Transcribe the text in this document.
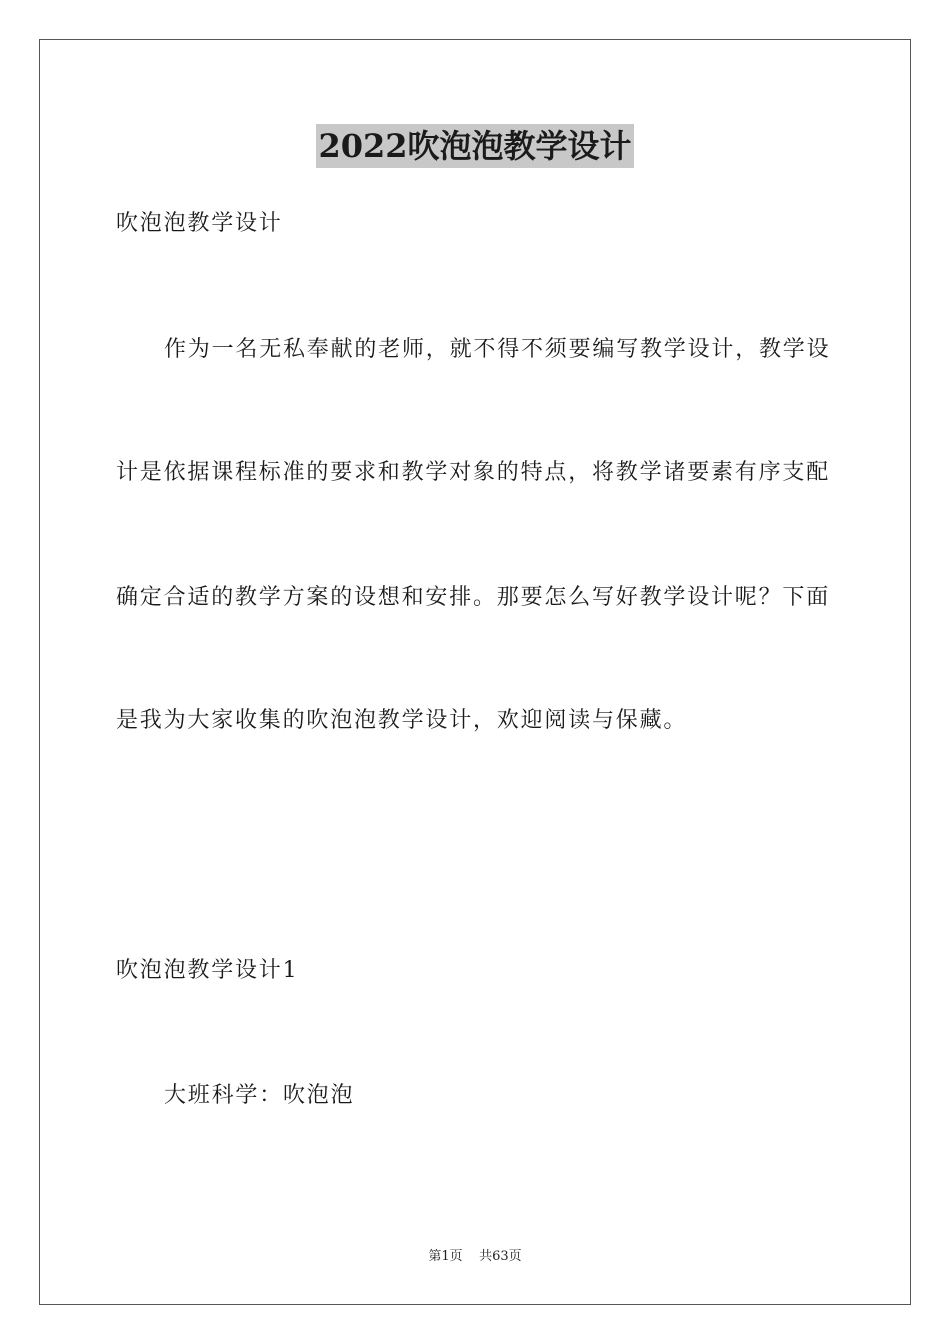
2022吹泡泡教学设计
吹泡泡教学设计
作为一名无私奉献的老师，就不得不须要编写教学设计，教学设
计是依据课程标准的要求和教学对象的特点，将教学诸要素有序支配
确定合适的教学方案的设想和安排。那要怎么写好教学设计呢？下面
是我为大家收集的吹泡泡教学设计，欢迎阅读与保藏。
吹泡泡教学设计1
大班科学：吹泡泡
第1页 共63页
